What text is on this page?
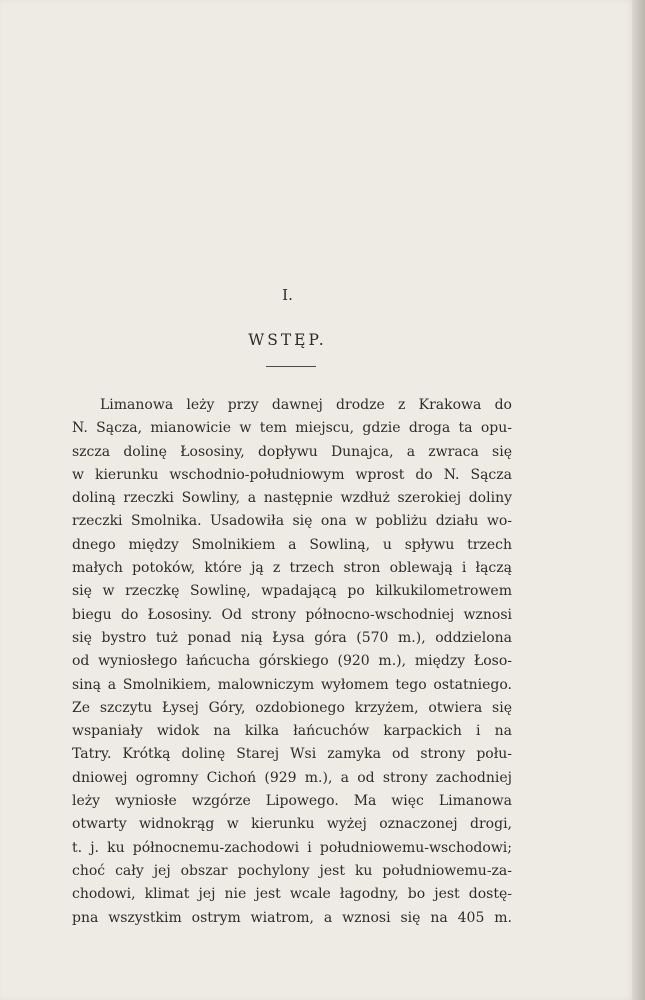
I.
WSTĘP.
Limanowa leży przy dawnej drodze z Krakowa do
N. Sącza, mianowicie w tem miejscu, gdzie droga ta opu-
szcza dolinę Łososiny, dopływu Dunajca, a zwraca się
w kierunku wschodnio-południowym wprost do N. Sącza
doliną rzeczki Sowliny, a następnie wzdłuż szerokiej doliny
rzeczki Smolnika. Usadowiła się ona w pobliżu działu wo-
dnego między Smolnikiem a Sowliną, u spływu trzech
małych potoków, które ją z trzech stron oblewają i łączą
się w rzeczkę Sowlinę, wpadającą po kilkukilometrowem
biegu do Łososiny. Od strony północno-wschodniej wznosi
się bystro tuż ponad nią Łysa góra (570 m.), oddzielona
od wyniosłego łańcucha górskiego (920 m.), między Łoso-
siną a Smolnikiem, malowniczym wyłomem tego ostatniego.
Ze szczytu Łysej Góry, ozdobionego krzyżem, otwiera się
wspaniały widok na kilka łańcuchów karpackich i na
Tatry. Krótką dolinę Starej Wsi zamyka od strony połu-
dniowej ogromny Cichoń (929 m.), a od strony zachodniej
leży wyniosłe wzgórze Lipowego. Ma więc Limanowa
otwarty widnokrąg w kierunku wyżej oznaczonej drogi,
t. j. ku północnemu-zachodowi i południowemu-wschodowi;
choć cały jej obszar pochylony jest ku południowemu-za-
chodowi, klimat jej nie jest wcale łagodny, bo jest dostę-
pna wszystkim ostrym wiatrom, a wznosi się na 405 m.
